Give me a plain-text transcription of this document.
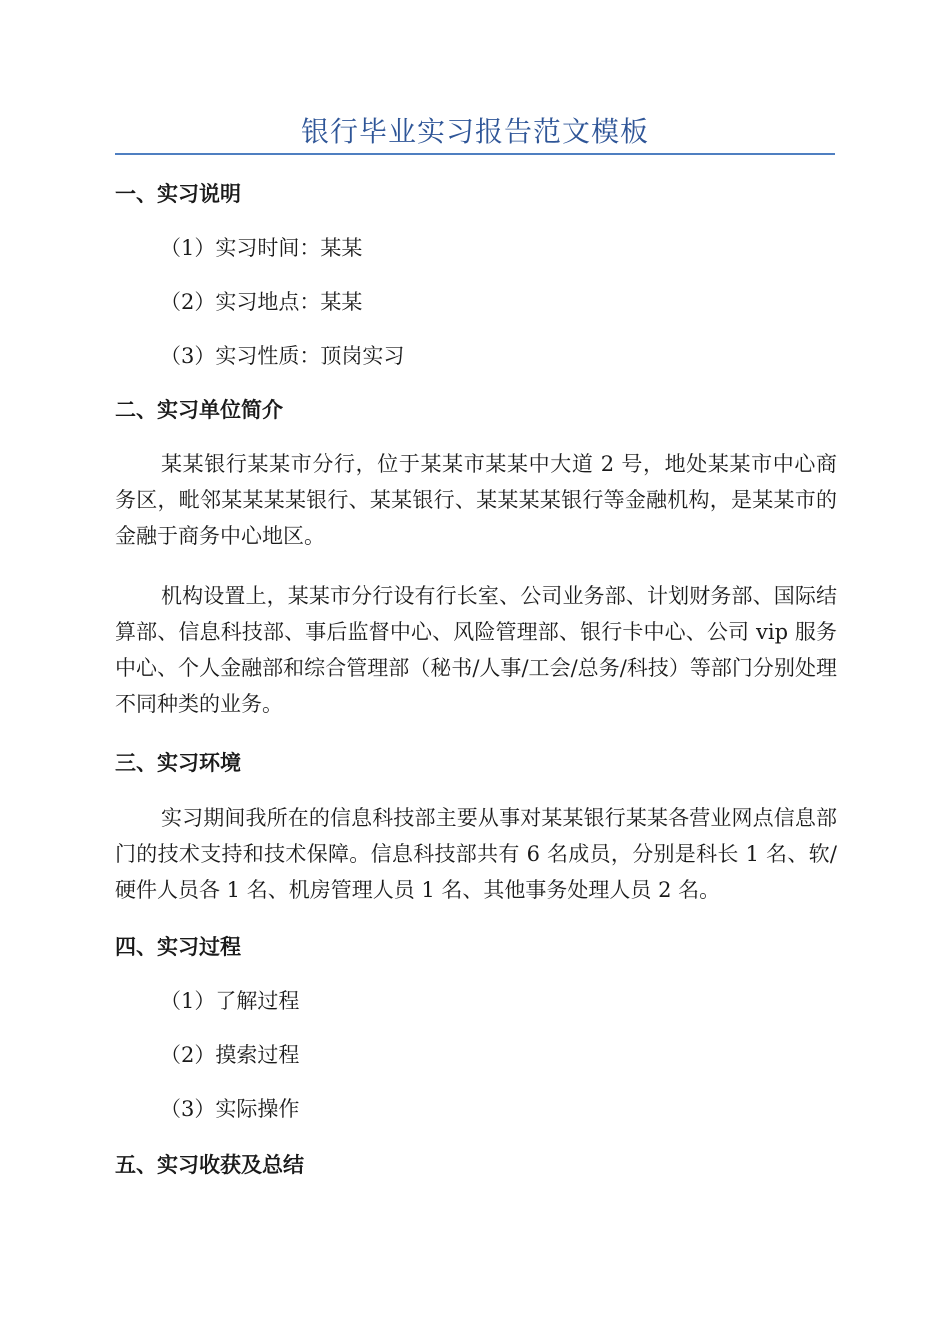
银行毕业实习报告范文模板
一、实习说明
（1）实习时间：某某
（2）实习地点：某某
（3）实习性质：顶岗实习
二、实习单位简介
某某银行某某市分行，位于某某市某某中大道 2 号，地处某某市中心商务区，毗邻某某某某银行、某某银行、某某某某银行等金融机构，是某某市的金融于商务中心地区。
机构设置上，某某市分行设有行长室、公司业务部、计划财务部、国际结算部、信息科技部、事后监督中心、风险管理部、银行卡中心、公司 vip 服务中心、个人金融部和综合管理部（秘书/人事/工会/总务/科技）等部门分别处理不同种类的业务。
三、实习环境
实习期间我所在的信息科技部主要从事对某某银行某某各营业网点信息部门的技术支持和技术保障。信息科技部共有 6 名成员，分别是科长 1 名、软/硬件人员各 1 名、机房管理人员 1 名、其他事务处理人员 2 名。
四、实习过程
（1）了解过程
（2）摸索过程
（3）实际操作
五、实习收获及总结
